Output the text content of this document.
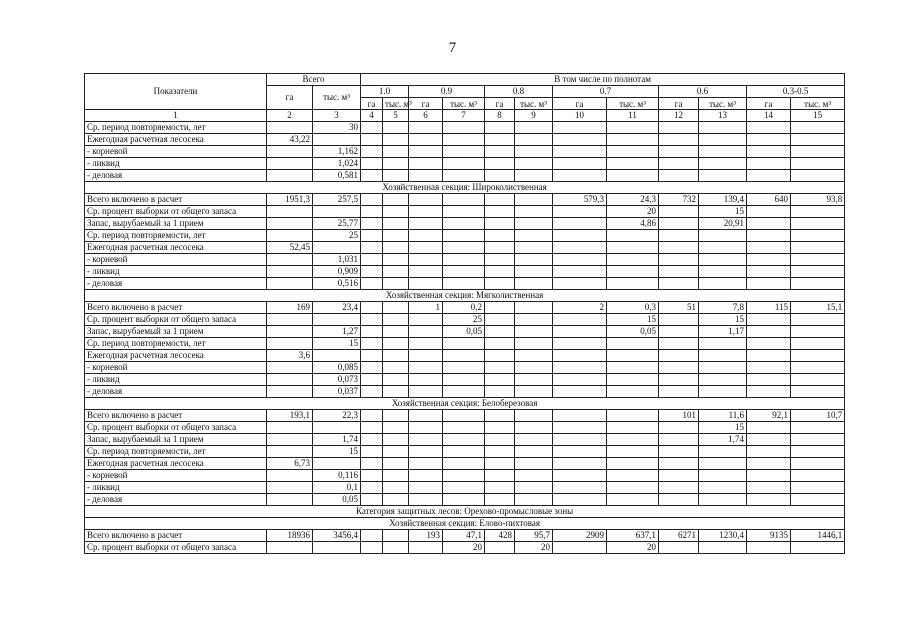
7
Показатели	Всего		В том числе по полнотам											
	га	тыс. м³	1.0		0.9		0.8		0.7		0.6		0.3-0.5	
			га	тыс. м³	га	тыс. м³	га	тыс. м³	га	тыс. м³	га	тыс. м³	га	тыс. м³
1	2	3	4	5	6	7	8	9	10	11	12	13	14	15
Ср. период повторяемости, лет		30												
Ежегодная расчетная лесосека	43,22													
- корневой		1,162												
- ликвид		1,024												
- деловая		0,581												
Хозяйственная секция: Широколиственная														
Всего включено в расчет	1951,3	257,5							579,3	24,3	732	139,4	640	93,8
Ср. процент выборки от общего запаса										20		15		
Запас, вырубаемый за 1 прием		25,77								4,86		20,91		
Ср. период повторяемости, лет		25												
Ежегодная расчетная лесосека	52,45													
- корневой		1,031												
- ликвид		0,909												
- деловая		0,516												
Хозяйственная секция: Мягколиственная														
Всего включено в расчет	169	23,4			1	0,2			2	0,3	51	7,8	115	15,1
Ср. процент выборки от общего запаса						25				15		15		
Запас, вырубаемый за 1 прием		1,27				0,05				0,05		1,17		
Ср. период повторяемости, лет		15												
Ежегодная расчетная лесосека	3,6													
- корневой		0,085												
- ликвид		0,073												
- деловая		0,037												
Хозяйственная секция: Белоберезовая														
Всего включено в расчет	193,1	22,3									101	11,6	92,1	10,7
Ср. процент выборки от общего запаса												15		
Запас, вырубаемый за 1 прием		1,74										1,74		
Ср. период повторяемости, лет		15												
Ежегодная расчетная лесосека	6,73													
- корневой		0,116												
- ликвид		0,1												
- деловая		0,05												
Категория защитных лесов: Орехово-промысловые зоны														
Хозяйственная секция: Елово-пихтовая														
Всего включено в расчет	18936	3456,4			193	47,1	428	95,7	2909	637,1	6271	1230,4	9135	1446,1
Ср. процент выборки от общего запаса						20		20		20				
